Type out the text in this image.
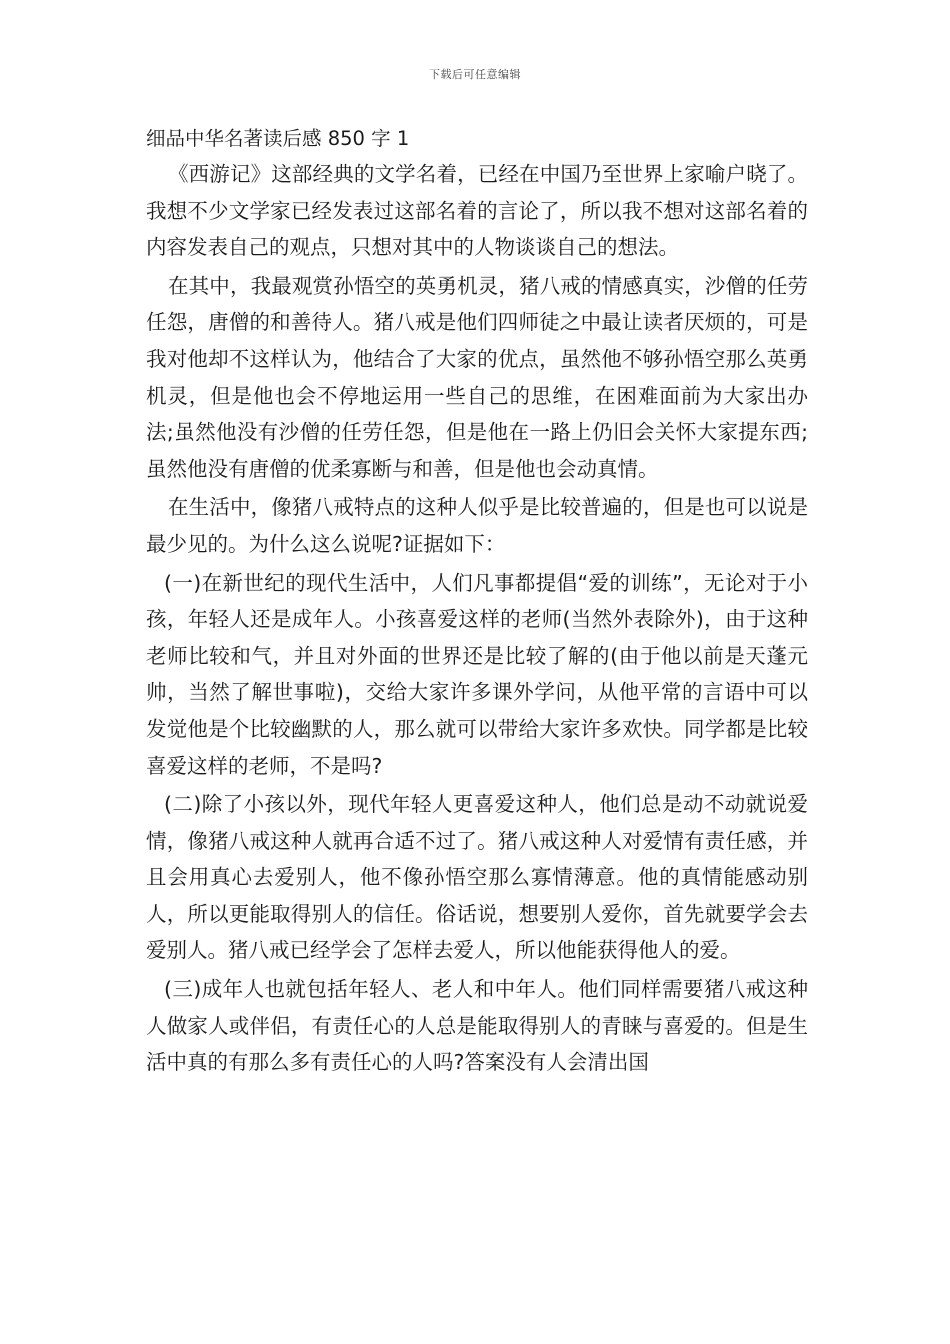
下载后可任意编辑
细品中华名著读后感 850 字 1

《西游记》这部经典的文学名着，已经在中国乃至世界上家喻户晓了。我想不少文学家已经发表过这部名着的言论了，所以我不想对这部名着的内容发表自己的观点，只想对其中的人物谈谈自己的想法。

在其中，我最观赏孙悟空的英勇机灵，猪八戒的情感真实，沙僧的任劳任怨，唐僧的和善待人。猪八戒是他们四师徒之中最让读者厌烦的，可是我对他却不这样认为，他结合了大家的优点，虽然他不够孙悟空那么英勇机灵，但是他也会不停地运用一些自己的思维，在困难面前为大家出办法;虽然他没有沙僧的任劳任怨，但是他在一路上仍旧会关怀大家提东西;虽然他没有唐僧的优柔寡断与和善，但是他也会动真情。

在生活中，像猪八戒特点的这种人似乎是比较普遍的，但是也可以说是最少见的。为什么这么说呢?证据如下：

(一)在新世纪的现代生活中，人们凡事都提倡“爱的训练”，无论对于小孩，年轻人还是成年人。小孩喜爱这样的老师(当然外表除外)，由于这种老师比较和气，并且对外面的世界还是比较了解的(由于他以前是天蓬元帅，当然了解世事啦)，交给大家许多课外学问，从他平常的言语中可以发觉他是个比较幽默的人，那么就可以带给大家许多欢快。同学都是比较喜爱这样的老师，不是吗?

(二)除了小孩以外，现代年轻人更喜爱这种人，他们总是动不动就说爱情，像猪八戒这种人就再合适不过了。猪八戒这种人对爱情有责任感，并且会用真心去爱别人，他不像孙悟空那么寡情薄意。他的真情能感动别人，所以更能取得别人的信任。俗话说，想要别人爱你，首先就要学会去爱别人。猪八戒已经学会了怎样去爱人，所以他能获得他人的爱。

(三)成年人也就包括年轻人、老人和中年人。他们同样需要猪八戒这种人做家人或伴侣，有责任心的人总是能取得别人的青睐与喜爱的。但是生活中真的有那么多有责任心的人吗?答案没有人会清出国
